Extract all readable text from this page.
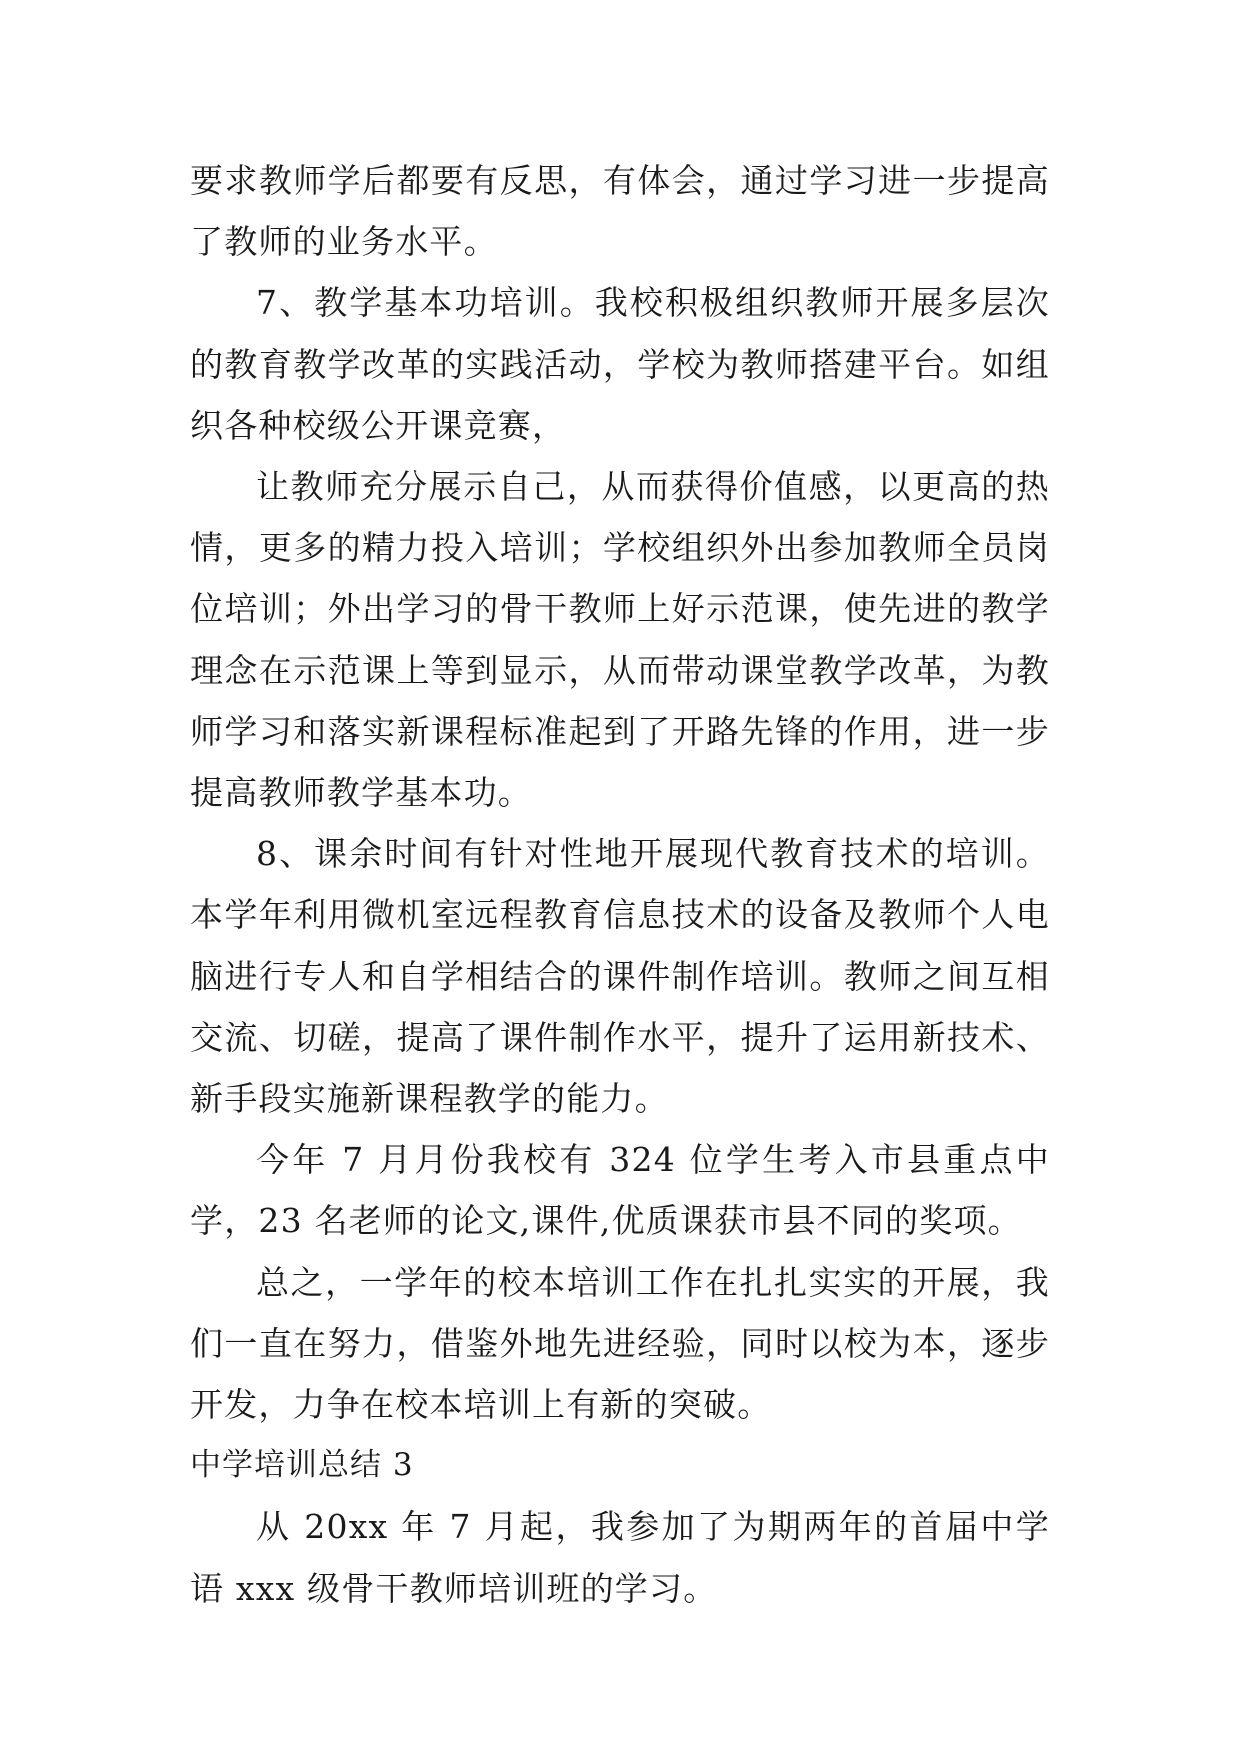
要求教师学后都要有反思，有体会，通过学习进一步提高了教师的业务水平。

7、教学基本功培训。我校积极组织教师开展多层次的教育教学改革的实践活动，学校为教师搭建平台。如组织各种校级公开课竞赛，

让教师充分展示自己，从而获得价值感，以更高的热情，更多的精力投入培训；学校组织外出参加教师全员岗位培训；外出学习的骨干教师上好示范课，使先进的教学理念在示范课上等到显示，从而带动课堂教学改革，为教师学习和落实新课程标准起到了开路先锋的作用，进一步提高教师教学基本功。

8、课余时间有针对性地开展现代教育技术的培训。本学年利用微机室远程教育信息技术的设备及教师个人电脑进行专人和自学相结合的课件制作培训。教师之间互相交流、切磋，提高了课件制作水平，提升了运用新技术、新手段实施新课程教学的能力。

今年 7 月月份我校有 324 位学生考入市县重点中学，23 名老师的论文,课件,优质课获市县不同的奖项。

总之，一学年的校本培训工作在扎扎实实的开展，我们一直在努力，借鉴外地先进经验，同时以校为本，逐步开发，力争在校本培训上有新的突破。

中学培训总结 3

从 20xx 年 7 月起，我参加了为期两年的首届中学语 xxx 级骨干教师培训班的学习。
